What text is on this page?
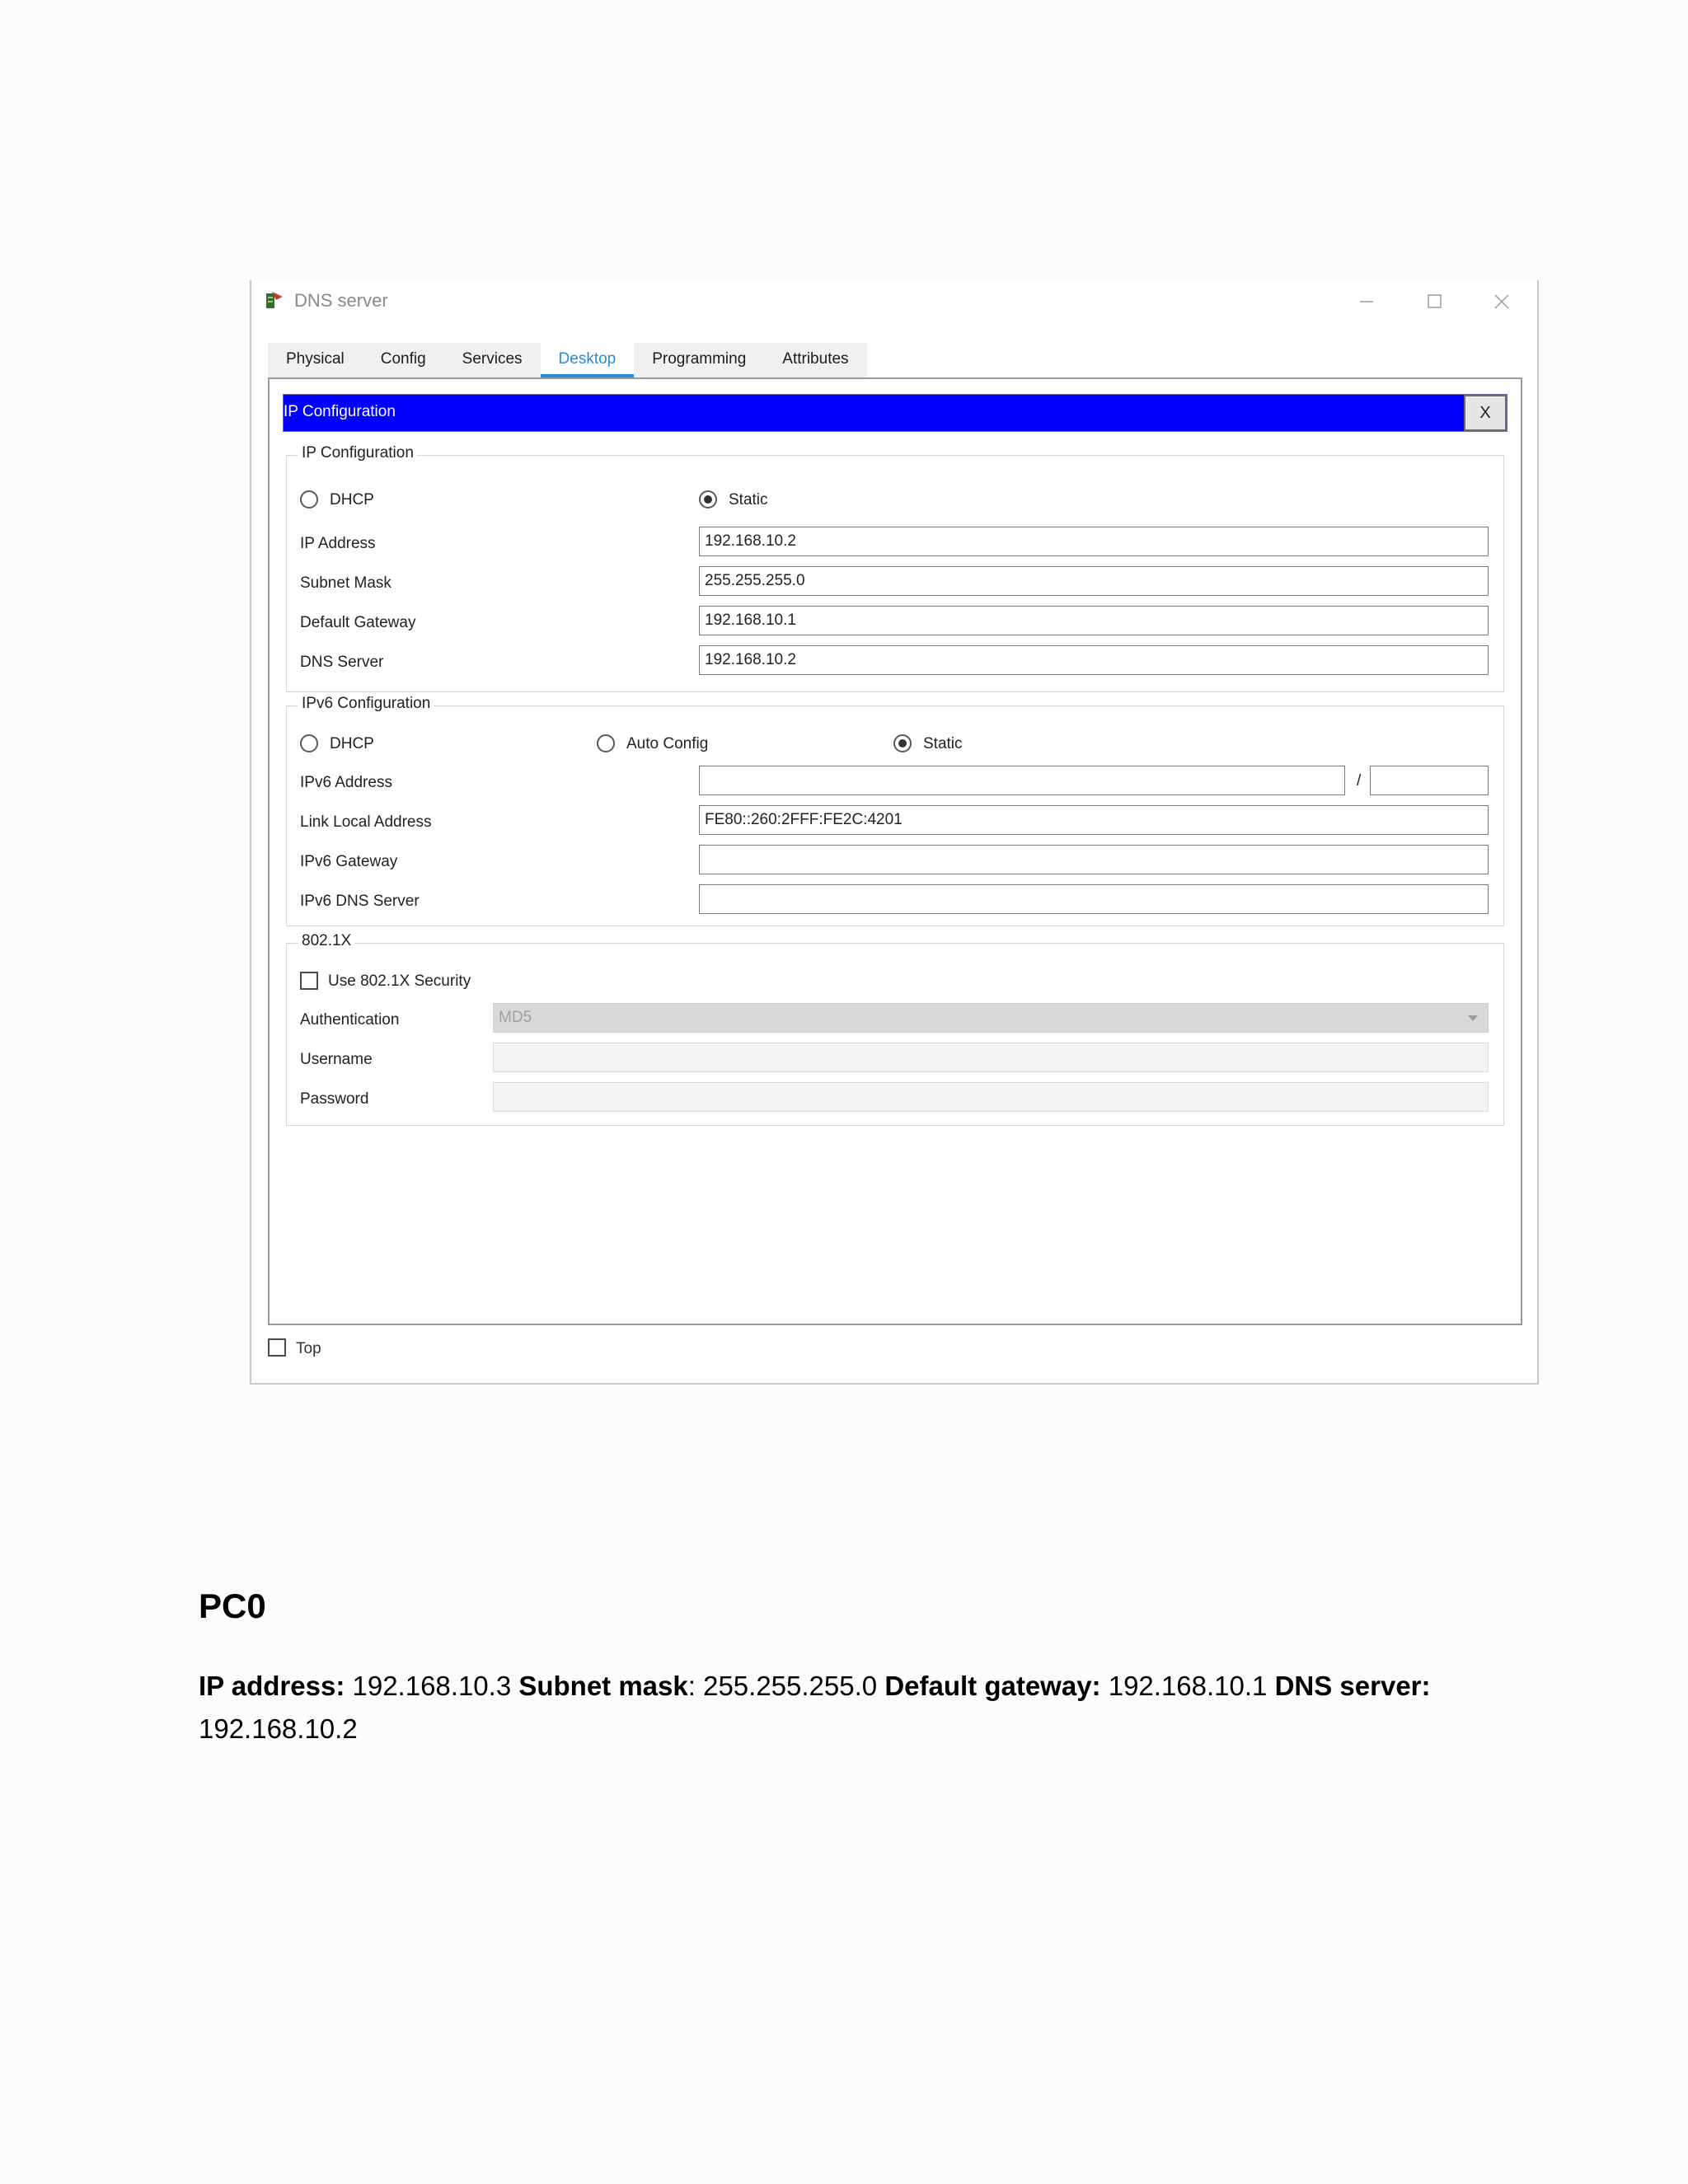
DNS server
Physical	Config	Services	Desktop	Programming	Attributes
IP Configuration	X
IP Configuration
DHCP	Static
IP Address	192.168.10.2
Subnet Mask	255.255.255.0
Default Gateway	192.168.10.1
DNS Server	192.168.10.2
IPv6 Configuration
DHCP	Auto Config	Static
IPv6 Address	/
Link Local Address	FE80::260:2FFF:FE2C:4201
IPv6 Gateway
IPv6 DNS Server
802.1X
Use 802.1X Security
Authentication	MD5
Username
Password
Top
PC0
IP address: 192.168.10.3 Subnet mask: 255.255.255.0 Default gateway: 192.168.10.1 DNS server: 192.168.10.2
